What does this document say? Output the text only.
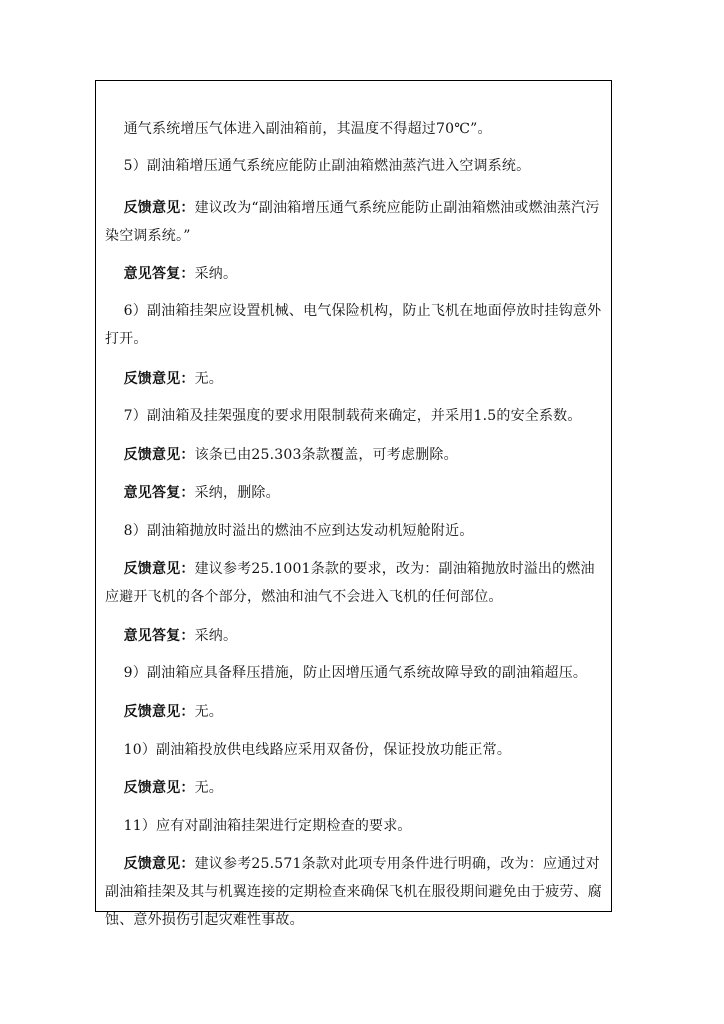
通气系统增压气体进入副油箱前，其温度不得超过70℃”。

5）副油箱增压通气系统应能防止副油箱燃油蒸汽进入空调系统。

反馈意见：建议改为“副油箱增压通气系统应能防止副油箱燃油或燃油蒸汽污染空调系统。”

意见答复：采纳。

6）副油箱挂架应设置机械、电气保险机构，防止飞机在地面停放时挂钩意外打开。

反馈意见：无。

7）副油箱及挂架强度的要求用限制载荷来确定，并采用1.5的安全系数。

反馈意见：该条已由25.303条款覆盖，可考虑删除。

意见答复：采纳，删除。

8）副油箱抛放时溢出的燃油不应到达发动机短舱附近。

反馈意见：建议参考25.1001条款的要求，改为：副油箱抛放时溢出的燃油应避开飞机的各个部分，燃油和油气不会进入飞机的任何部位。

意见答复：采纳。

9）副油箱应具备释压措施，防止因增压通气系统故障导致的副油箱超压。

反馈意见：无。

10）副油箱投放供电线路应采用双备份，保证投放功能正常。

反馈意见：无。

11）应有对副油箱挂架进行定期检查的要求。

反馈意见：建议参考25.571条款对此项专用条件进行明确，改为：应通过对副油箱挂架及其与机翼连接的定期检查来确保飞机在服役期间避免由于疲劳、腐蚀、意外损伤引起灾难性事故。
